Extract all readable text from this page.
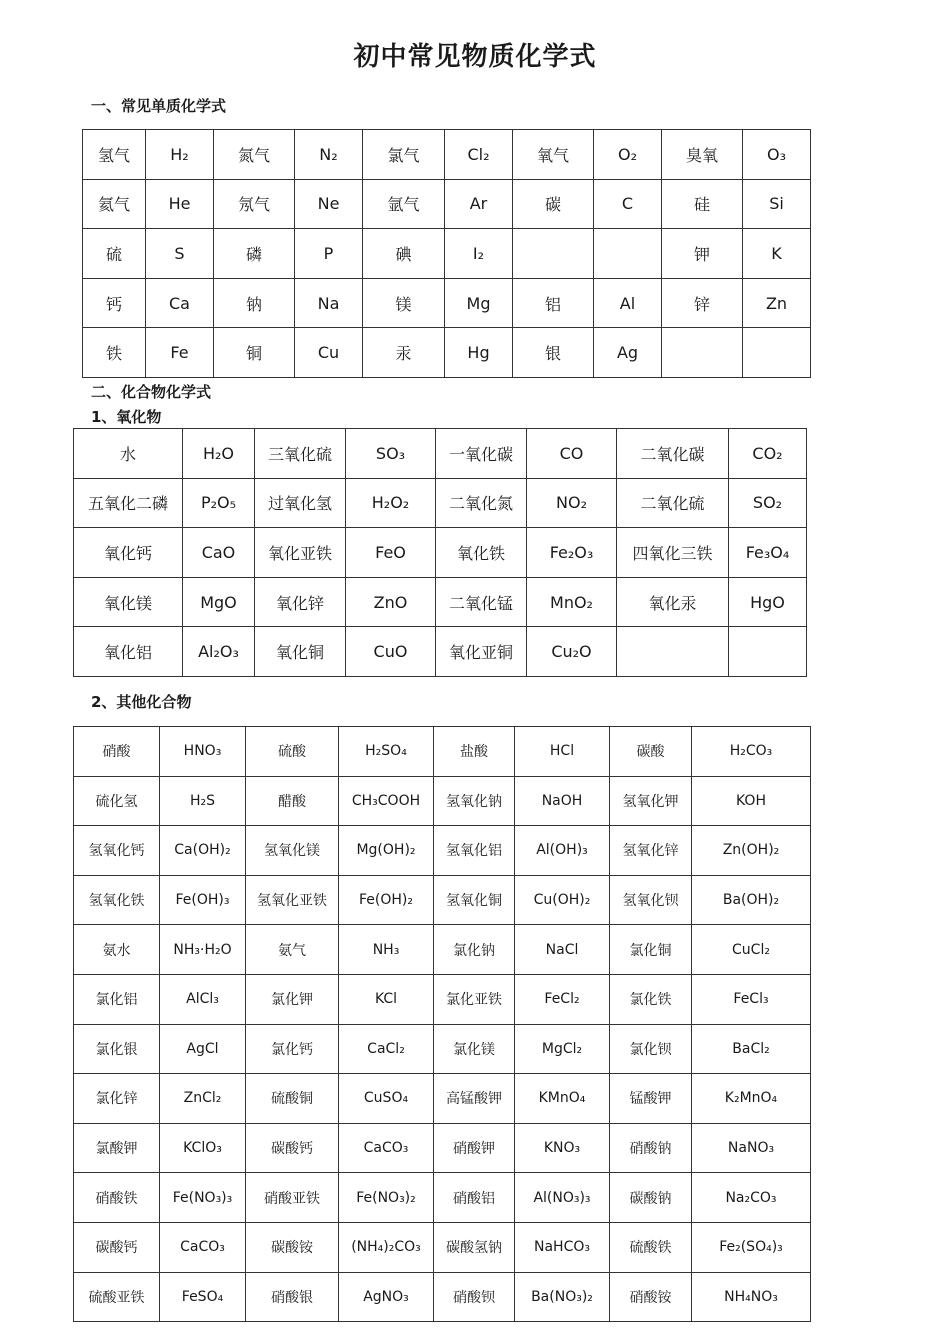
初中常见物质化学式
一、常见单质化学式
氢气	H₂	氮气	N₂	氯气	Cl₂	氧气	O₂	臭氧	O₃
氦气	He	氖气	Ne	氩气	Ar	碳	C	硅	Si
硫	S	磷	P	碘	I₂			钾	K
钙	Ca	钠	Na	镁	Mg	铝	Al	锌	Zn
铁	Fe	铜	Cu	汞	Hg	银	Ag		
二、化合物化学式
1、氧化物
水	H₂O	三氧化硫	SO₃	一氧化碳	CO	二氧化碳	CO₂
五氧化二磷	P₂O₅	过氧化氢	H₂O₂	二氧化氮	NO₂	二氧化硫	SO₂
氧化钙	CaO	氧化亚铁	FeO	氧化铁	Fe₂O₃	四氧化三铁	Fe₃O₄
氧化镁	MgO	氧化锌	ZnO	二氧化锰	MnO₂	氧化汞	HgO
氧化铝	Al₂O₃	氧化铜	CuO	氧化亚铜	Cu₂O		
2、其他化合物
硝酸	HNO₃	硫酸	H₂SO₄	盐酸	HCl	碳酸	H₂CO₃
硫化氢	H₂S	醋酸	CH₃COOH	氢氧化钠	NaOH	氢氧化钾	KOH
氢氧化钙	Ca(OH)₂	氢氧化镁	Mg(OH)₂	氢氧化铝	Al(OH)₃	氢氧化锌	Zn(OH)₂
氢氧化铁	Fe(OH)₃	氢氧化亚铁	Fe(OH)₂	氢氧化铜	Cu(OH)₂	氢氧化钡	Ba(OH)₂
氨水	NH₃·H₂O	氨气	NH₃	氯化钠	NaCl	氯化铜	CuCl₂
氯化铝	AlCl₃	氯化钾	KCl	氯化亚铁	FeCl₂	氯化铁	FeCl₃
氯化银	AgCl	氯化钙	CaCl₂	氯化镁	MgCl₂	氯化钡	BaCl₂
氯化锌	ZnCl₂	硫酸铜	CuSO₄	高锰酸钾	KMnO₄	锰酸钾	K₂MnO₄
氯酸钾	KClO₃	碳酸钙	CaCO₃	硝酸钾	KNO₃	硝酸钠	NaNO₃
硝酸铁	Fe(NO₃)₃	硝酸亚铁	Fe(NO₃)₂	硝酸铝	Al(NO₃)₃	碳酸钠	Na₂CO₃
碳酸钙	CaCO₃	碳酸铵	(NH₄)₂CO₃	碳酸氢钠	NaHCO₃	硫酸铁	Fe₂(SO₄)₃
硫酸亚铁	FeSO₄	硝酸银	AgNO₃	硝酸钡	Ba(NO₃)₂	硝酸铵	NH₄NO₃
